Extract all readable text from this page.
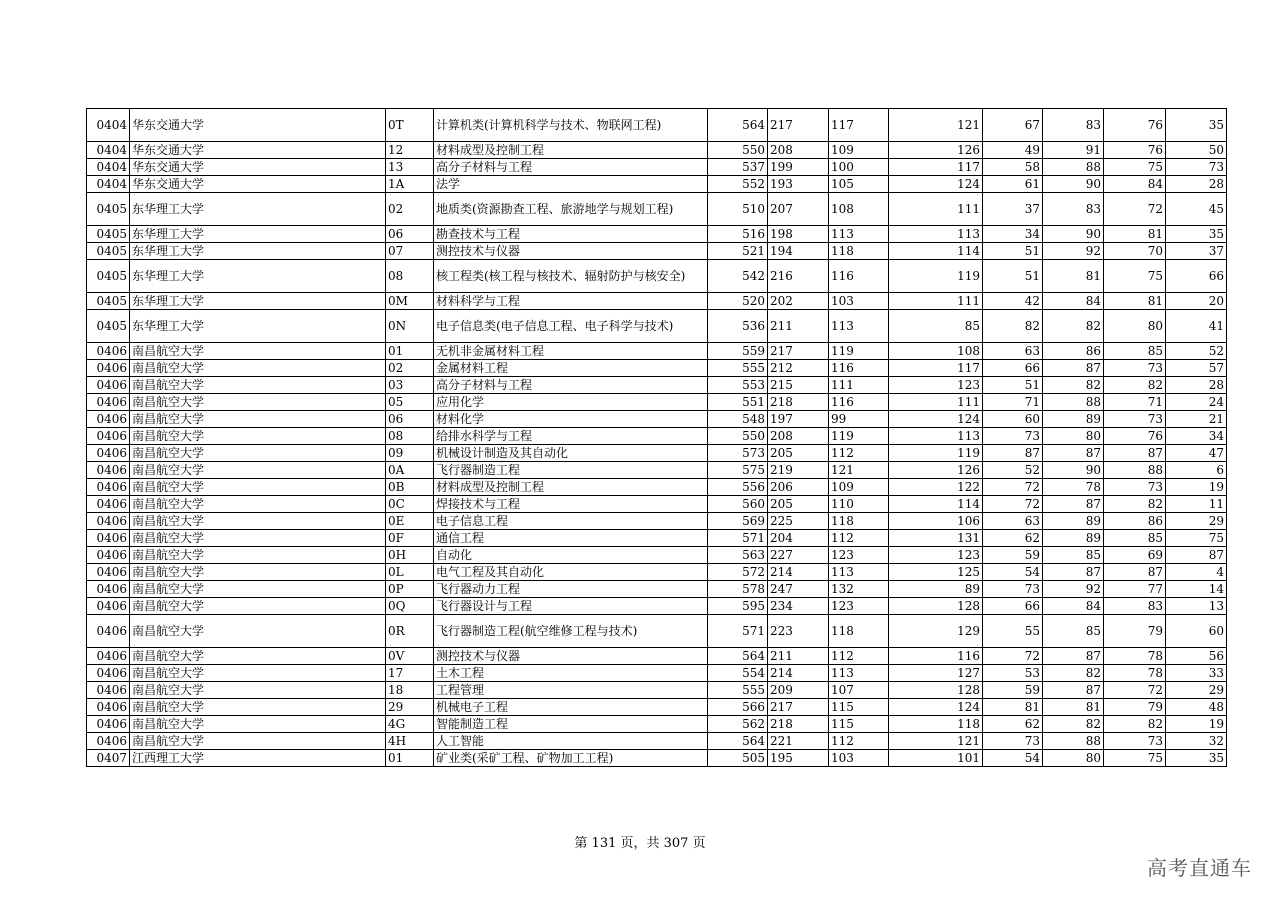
0404	华东交通大学	0T	计算机类(计算机科学与技术、物联网工程)	564	217	117	121	67	83	76	35
0404	华东交通大学	12	材料成型及控制工程	550	208	109	126	49	91	76	50
0404	华东交通大学	13	高分子材料与工程	537	199	100	117	58	88	75	73
0404	华东交通大学	1A	法学	552	193	105	124	61	90	84	28
0405	东华理工大学	02	地质类(资源勘查工程、旅游地学与规划工程)	510	207	108	111	37	83	72	45
0405	东华理工大学	06	勘查技术与工程	516	198	113	113	34	90	81	35
0405	东华理工大学	07	测控技术与仪器	521	194	118	114	51	92	70	37
0405	东华理工大学	08	核工程类(核工程与核技术、辐射防护与核安全)	542	216	116	119	51	81	75	66
0405	东华理工大学	0M	材料科学与工程	520	202	103	111	42	84	81	20
0405	东华理工大学	0N	电子信息类(电子信息工程、电子科学与技术)	536	211	113	85	82	82	80	41
0406	南昌航空大学	01	无机非金属材料工程	559	217	119	108	63	86	85	52
0406	南昌航空大学	02	金属材料工程	555	212	116	117	66	87	73	57
0406	南昌航空大学	03	高分子材料与工程	553	215	111	123	51	82	82	28
0406	南昌航空大学	05	应用化学	551	218	116	111	71	88	71	24
0406	南昌航空大学	06	材料化学	548	197	99	124	60	89	73	21
0406	南昌航空大学	08	给排水科学与工程	550	208	119	113	73	80	76	34
0406	南昌航空大学	09	机械设计制造及其自动化	573	205	112	119	87	87	87	47
0406	南昌航空大学	0A	飞行器制造工程	575	219	121	126	52	90	88	6
0406	南昌航空大学	0B	材料成型及控制工程	556	206	109	122	72	78	73	19
0406	南昌航空大学	0C	焊接技术与工程	560	205	110	114	72	87	82	11
0406	南昌航空大学	0E	电子信息工程	569	225	118	106	63	89	86	29
0406	南昌航空大学	0F	通信工程	571	204	112	131	62	89	85	75
0406	南昌航空大学	0H	自动化	563	227	123	123	59	85	69	87
0406	南昌航空大学	0L	电气工程及其自动化	572	214	113	125	54	87	87	4
0406	南昌航空大学	0P	飞行器动力工程	578	247	132	89	73	92	77	14
0406	南昌航空大学	0Q	飞行器设计与工程	595	234	123	128	66	84	83	13
0406	南昌航空大学	0R	飞行器制造工程(航空维修工程与技术)	571	223	118	129	55	85	79	60
0406	南昌航空大学	0V	测控技术与仪器	564	211	112	116	72	87	78	56
0406	南昌航空大学	17	土木工程	554	214	113	127	53	82	78	33
0406	南昌航空大学	18	工程管理	555	209	107	128	59	87	72	29
0406	南昌航空大学	29	机械电子工程	566	217	115	124	81	81	79	48
0406	南昌航空大学	4G	智能制造工程	562	218	115	118	62	82	82	19
0406	南昌航空大学	4H	人工智能	564	221	112	121	73	88	73	32
0407	江西理工大学	01	矿业类(采矿工程、矿物加工工程)	505	195	103	101	54	80	75	35
第 131 页，共 307 页
高考直通车
